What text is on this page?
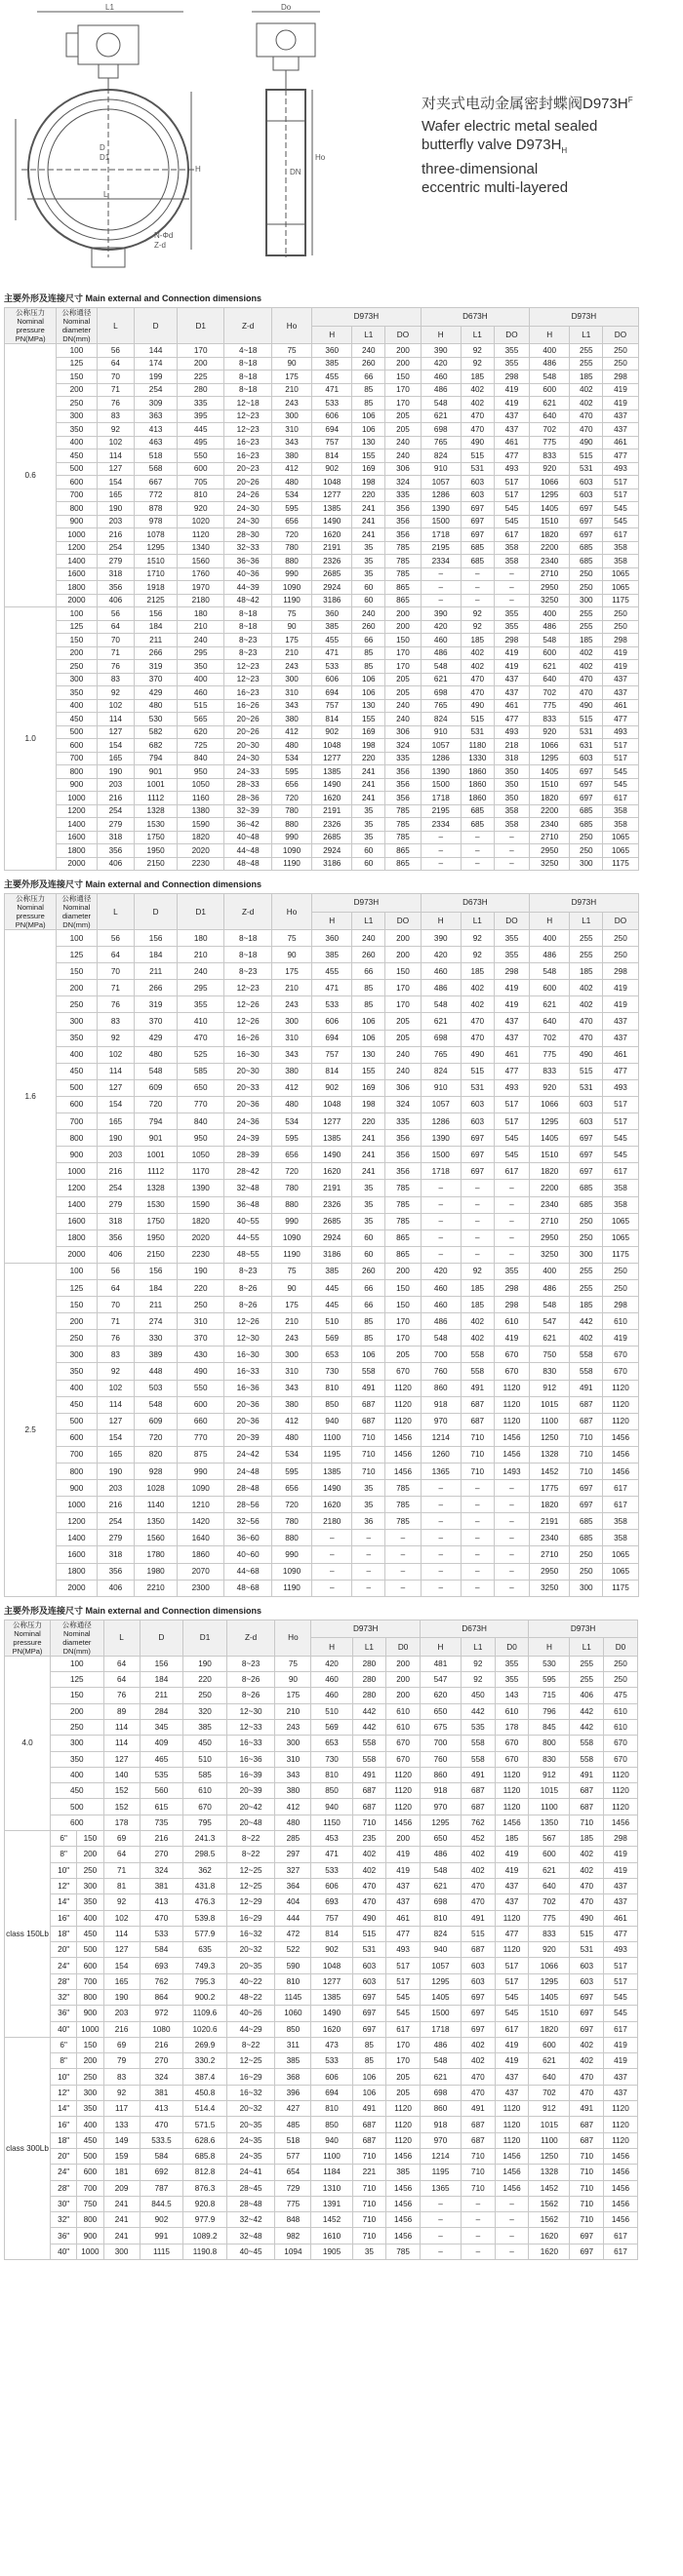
L1
L
Do
H
D
D1
N-Φd
DN
Z-d
Ho
对夹式电动金属密封蝶阀$D973H^F$
Wafer electric metal sealed
butterfly valve $D973H_H$
three-dimensional
eccentric multi-layered
主要外形及连接尺寸 Main external and Connection dimensions
公称压力 Nominal pressure PN(MPa)	公称通径 Nominal diameter DN(mm)	L	D	D1	Z-d	Ho	D973H			D673H			D973H		
							H	L1	DO	H	L1	DO	H	L1	DO
0.6	100	56	144	170	4~18	75	360	240	200	390	92	355	400	255	250
	125	64	174	200	8~18	90	385	260	200	420	92	355	486	255	250
	150	70	199	225	8~18	175	455	66	150	460	185	298	548	185	298
	200	71	254	280	8~18	210	471	85	170	486	402	419	600	402	419
	250	76	309	335	12~18	243	533	85	170	548	402	419	621	402	419
	300	83	363	395	12~23	300	606	106	205	621	470	437	640	470	437
	350	92	413	445	12~23	310	694	106	205	698	470	437	702	470	437
	400	102	463	495	16~23	343	757	130	240	765	490	461	775	490	461
	450	114	518	550	16~23	380	814	155	240	824	515	477	833	515	477
	500	127	568	600	20~23	412	902	169	306	910	531	493	920	531	493
	600	154	667	705	20~26	480	1048	198	324	1057	603	517	1066	603	517
	700	165	772	810	24~26	534	1277	220	335	1286	603	517	1295	603	517
	800	190	878	920	24~30	595	1385	241	356	1390	697	545	1405	697	545
	900	203	978	1020	24~30	656	1490	241	356	1500	697	545	1510	697	545
	1000	216	1078	1120	28~30	720	1620	241	356	1718	697	617	1820	697	617
	1200	254	1295	1340	32~33	780	2191	35	785	2195	685	358	2200	685	358
	1400	279	1510	1560	36~36	880	2326	35	785	2334	685	358	2340	685	358
	1600	318	1710	1760	40~36	990	2685	35	785	–	–	–	2710	250	1065
	1800	356	1918	1970	44~39	1090	2924	60	865	–	–	–	2950	250	1065
	2000	406	2125	2180	48~42	1190	3186	60	865	–	–	–	3250	300	1175
1.0	100	56	156	180	8~18	75	360	240	200	390	92	355	400	255	250
	125	64	184	210	8~18	90	385	260	200	420	92	355	486	255	250
	150	70	211	240	8~23	175	455	66	150	460	185	298	548	185	298
	200	71	266	295	8~23	210	471	85	170	486	402	419	600	402	419
	250	76	319	350	12~23	243	533	85	170	548	402	419	621	402	419
	300	83	370	400	12~23	300	606	106	205	621	470	437	640	470	437
	350	92	429	460	16~23	310	694	106	205	698	470	437	702	470	437
	400	102	480	515	16~26	343	757	130	240	765	490	461	775	490	461
	450	114	530	565	20~26	380	814	155	240	824	515	477	833	515	477
	500	127	582	620	20~26	412	902	169	306	910	531	493	920	531	493
	600	154	682	725	20~30	480	1048	198	324	1057	1180	218	1066	631	517
	700	165	794	840	24~30	534	1277	220	335	1286	1330	318	1295	603	517
	800	190	901	950	24~33	595	1385	241	356	1390	1860	350	1405	697	545
	900	203	1001	1050	28~33	656	1490	241	356	1500	1860	350	1510	697	545
	1000	216	1112	1160	28~36	720	1620	241	356	1718	1860	350	1820	697	617
	1200	254	1328	1380	32~39	780	2191	35	785	2195	685	358	2200	685	358
	1400	279	1530	1590	36~42	880	2326	35	785	2334	685	358	2340	685	358
	1600	318	1750	1820	40~48	990	2685	35	785	–	–	–	2710	250	1065
	1800	356	1950	2020	44~48	1090	2924	60	865	–	–	–	2950	250	1065
	2000	406	2150	2230	48~48	1190	3186	60	865	–	–	–	3250	300	1175
主要外形及连接尺寸 Main external and Connection dimensions
公称压力 Nominal pressure PN(MPa)	公称通径 Nominal diameter DN(mm)	L	D	D1	Z-d	Ho	D973H			D673H			D973H		
							H	L1	DO	H	L1	DO	H	L1	DO
1.6	100	56	156	180	8~18	75	360	240	200	390	92	355	400	255	250
	125	64	184	210	8~18	90	385	260	200	420	92	355	486	255	250
	150	70	211	240	8~23	175	455	66	150	460	185	298	548	185	298
	200	71	266	295	12~23	210	471	85	170	486	402	419	600	402	419
	250	76	319	355	12~26	243	533	85	170	548	402	419	621	402	419
	300	83	370	410	12~26	300	606	106	205	621	470	437	640	470	437
	350	92	429	470	16~26	310	694	106	205	698	470	437	702	470	437
	400	102	480	525	16~30	343	757	130	240	765	490	461	775	490	461
	450	114	548	585	20~30	380	814	155	240	824	515	477	833	515	477
	500	127	609	650	20~33	412	902	169	306	910	531	493	920	531	493
	600	154	720	770	20~36	480	1048	198	324	1057	603	517	1066	603	517
	700	165	794	840	24~36	534	1277	220	335	1286	603	517	1295	603	517
	800	190	901	950	24~39	595	1385	241	356	1390	697	545	1405	697	545
	900	203	1001	1050	28~39	656	1490	241	356	1500	697	545	1510	697	545
	1000	216	1112	1170	28~42	720	1620	241	356	1718	697	617	1820	697	617
	1200	254	1328	1390	32~48	780	2191	35	785	–	–	–	2200	685	358
	1400	279	1530	1590	36~48	880	2326	35	785	–	–	–	2340	685	358
	1600	318	1750	1820	40~55	990	2685	35	785	–	–	–	2710	250	1065
	1800	356	1950	2020	44~55	1090	2924	60	865	–	–	–	2950	250	1065
	2000	406	2150	2230	48~55	1190	3186	60	865	–	–	–	3250	300	1175
2.5	100	56	156	190	8~23	75	385	260	200	420	92	355	400	255	250
	125	64	184	220	8~26	90	445	66	150	460	185	298	486	255	250
	150	70	211	250	8~26	175	445	66	150	460	185	298	548	185	298
	200	71	274	310	12~26	210	510	85	170	486	402	610	547	442	610
	250	76	330	370	12~30	243	569	85	170	548	402	419	621	402	419
	300	83	389	430	16~30	300	653	106	205	700	558	670	750	558	670
	350	92	448	490	16~33	310	730	558	670	760	558	670	830	558	670
	400	102	503	550	16~36	343	810	491	1120	860	491	1120	912	491	1120
	450	114	548	600	20~36	380	850	687	1120	918	687	1120	1015	687	1120
	500	127	609	660	20~36	412	940	687	1120	970	687	1120	1100	687	1120
	600	154	720	770	20~39	480	1100	710	1456	1214	710	1456	1250	710	1456
	700	165	820	875	24~42	534	1195	710	1456	1260	710	1456	1328	710	1456
	800	190	928	990	24~48	595	1385	710	1456	1365	710	1493	1452	710	1456
	900	203	1028	1090	28~48	656	1490	35	785	–	–	–	1775	697	617
	1000	216	1140	1210	28~56	720	1620	35	785	–	–	–	1820	697	617
	1200	254	1350	1420	32~56	780	2180	36	785	–	–	–	2191	685	358
	1400	279	1560	1640	36~60	880	–	–	–	–	–	–	2340	685	358
	1600	318	1780	1860	40~60	990	–	–	–	–	–	–	2710	250	1065
	1800	356	1980	2070	44~68	1090	–	–	–	–	–	–	2950	250	1065
	2000	406	2210	2300	48~68	1190	–	–	–	–	–	–	3250	300	1175
主要外形及连接尺寸 Main external and Connection dimensions
公称压力 Nominal pressure PN(MPa)	公称通径 Nominal diameter DN(mm)		L	D	D1	Z-d	Ho	D973H			D673H			D973H		
								H	L1	D0	H	L1	D0	H	L1	D0
4.0	100		64	156	190	8~23	75	420	280	200	481	92	355	530	255	250
	125		64	184	220	8~26	90	460	280	200	547	92	355	595	255	250
	150		76	211	250	8~26	175	460	280	200	620	450	143	715	406	475
	200		89	284	320	12~30	210	510	442	610	650	442	610	796	442	610
	250		114	345	385	12~33	243	569	442	610	675	535	178	845	442	610
	300		114	409	450	16~33	300	653	558	670	700	558	670	800	558	670
	350		127	465	510	16~36	310	730	558	670	760	558	670	830	558	670
	400		140	535	585	16~39	343	810	491	1120	860	491	1120	912	491	1120
	450		152	560	610	20~39	380	850	687	1120	918	687	1120	1015	687	1120
	500		152	615	670	20~42	412	940	687	1120	970	687	1120	1100	687	1120
	600		178	735	795	20~48	480	1150	710	1456	1295	762	1456	1350	710	1456
class 150Lb	6"	150	69	216	241.3	8~22	285	453	235	200	650	452	185	567	185	298
	8"	200	64	270	298.5	8~22	297	471	402	419	486	402	419	600	402	419
	10"	250	71	324	362	12~25	327	533	402	419	548	402	419	621	402	419
	12"	300	81	381	431.8	12~25	364	606	470	437	621	470	437	640	470	437
	14"	350	92	413	476.3	12~29	404	693	470	437	698	470	437	702	470	437
	16"	400	102	470	539.8	16~29	444	757	490	461	810	491	1120	775	490	461
	18"	450	114	533	577.9	16~32	472	814	515	477	824	515	477	833	515	477
	20"	500	127	584	635	20~32	522	902	531	493	940	687	1120	920	531	493
	24"	600	154	693	749.3	20~35	590	1048	603	517	1057	603	517	1066	603	517
	28"	700	165	762	795.3	40~22	810	1277	603	517	1295	603	517	1295	603	517
	32"	800	190	864	900.2	48~22	1145	1385	697	545	1405	697	545	1405	697	545
	36"	900	203	972	1109.6	40~26	1060	1490	697	545	1500	697	545	1510	697	545
	40"	1000	216	1080	1020.6	44~29	850	1620	697	617	1718	697	617	1820	697	617
class 300Lb	6"	150	69	216	269.9	8~22	311	473	85	170	486	402	419	600	402	419
	8"	200	79	270	330.2	12~25	385	533	85	170	548	402	419	621	402	419
	10"	250	83	324	387.4	16~29	368	606	106	205	621	470	437	640	470	437
	12"	300	92	381	450.8	16~32	396	694	106	205	698	470	437	702	470	437
	14"	350	117	413	514.4	20~32	427	810	491	1120	860	491	1120	912	491	1120
	16"	400	133	470	571.5	20~35	485	850	687	1120	918	687	1120	1015	687	1120
	18"	450	149	533.5	628.6	24~35	518	940	687	1120	970	687	1120	1100	687	1120
	20"	500	159	584	685.8	24~35	577	1100	710	1456	1214	710	1456	1250	710	1456
	24"	600	181	692	812.8	24~41	654	1184	221	385	1195	710	1456	1328	710	1456
	28"	700	209	787	876.3	28~45	729	1310	710	1456	1365	710	1456	1452	710	1456
	30"	750	241	844.5	920.8	28~48	775	1391	710	1456	–	–	–	1562	710	1456
	32"	800	241	902	977.9	32~42	848	1452	710	1456	–	–	–	1562	710	1456
	36"	900	241	991	1089.2	32~48	982	1610	710	1456	–	–	–	1620	697	617
	40"	1000	300	1115	1190.8	40~45	1094	1905	35	785	–	–	–	1620	697	617
